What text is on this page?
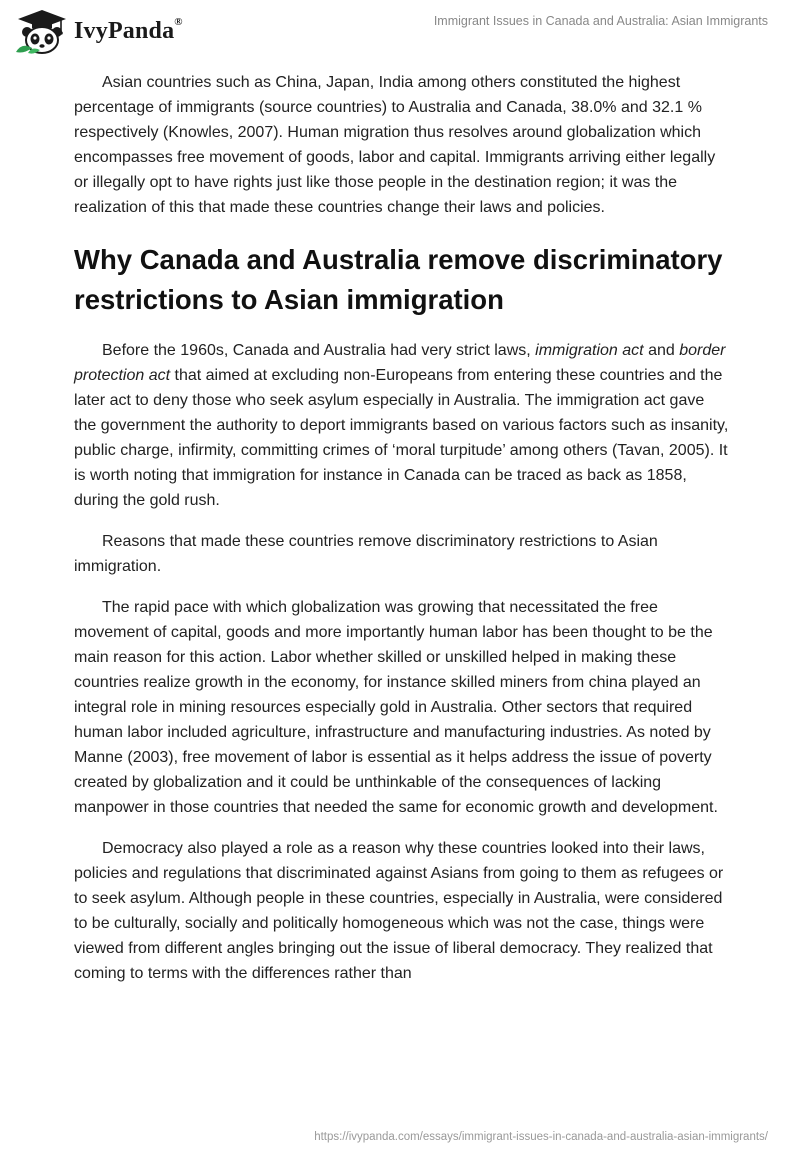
IvyPanda®	Immigrant Issues in Canada and Australia: Asian Immigrants

Asian countries such as China, Japan, India among others constituted the highest percentage of immigrants (source countries) to Australia and Canada, 38.0% and 32.1 % respectively (Knowles, 2007). Human migration thus resolves around globalization which encompasses free movement of goods, labor and capital. Immigrants arriving either legally or illegally opt to have rights just like those people in the destination region; it was the realization of this that made these countries change their laws and policies.

Why Canada and Australia remove discriminatory restrictions to Asian immigration

Before the 1960s, Canada and Australia had very strict laws, immigration act and border protection act that aimed at excluding non-Europeans from entering these countries and the later act to deny those who seek asylum especially in Australia. The immigration act gave the government the authority to deport immigrants based on various factors such as insanity, public charge, infirmity, committing crimes of ‘moral turpitude’ among others (Tavan, 2005). It is worth noting that immigration for instance in Canada can be traced as back as 1858, during the gold rush.

Reasons that made these countries remove discriminatory restrictions to Asian immigration.

The rapid pace with which globalization was growing that necessitated the free movement of capital, goods and more importantly human labor has been thought to be the main reason for this action. Labor whether skilled or unskilled helped in making these countries realize growth in the economy, for instance skilled miners from china played an integral role in mining resources especially gold in Australia. Other sectors that required human labor included agriculture, infrastructure and manufacturing industries. As noted by Manne (2003), free movement of labor is essential as it helps address the issue of poverty created by globalization and it could be unthinkable of the consequences of lacking manpower in those countries that needed the same for economic growth and development.

Democracy also played a role as a reason why these countries looked into their laws, policies and regulations that discriminated against Asians from going to them as refugees or to seek asylum. Although people in these countries, especially in Australia, were considered to be culturally, socially and politically homogeneous which was not the case, things were viewed from different angles bringing out the issue of liberal democracy. They realized that coming to terms with the differences rather than

https://ivypanda.com/essays/immigrant-issues-in-canada-and-australia-asian-immigrants/
